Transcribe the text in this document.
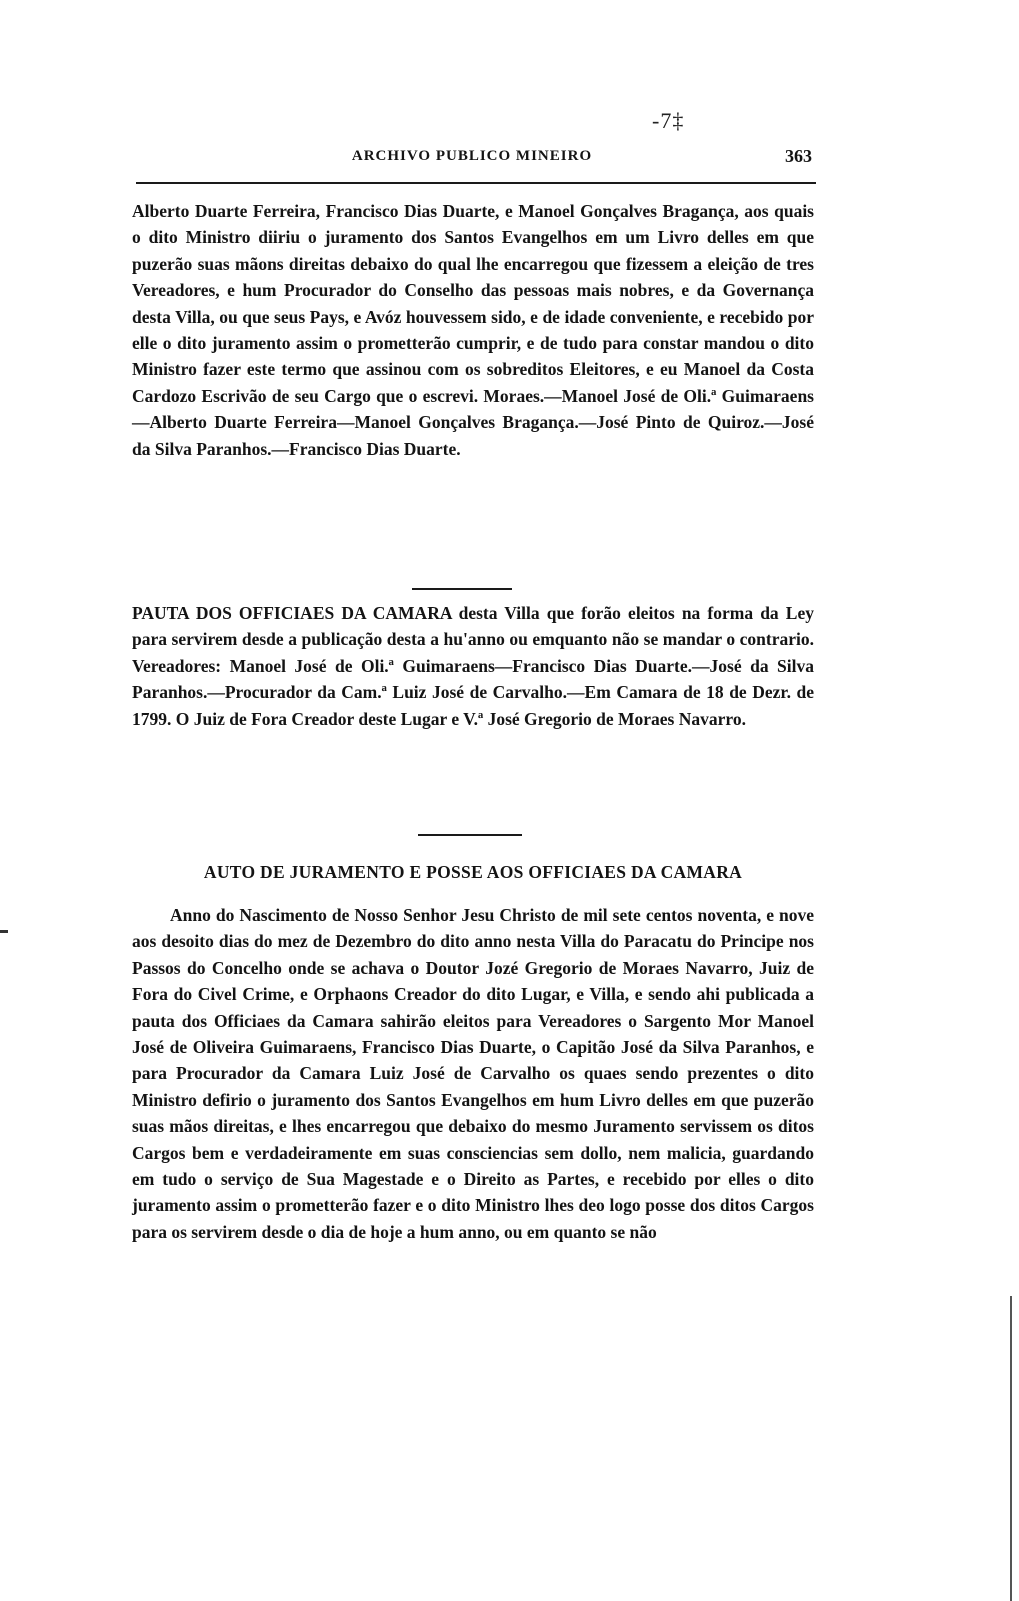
-7‡
ARCHIVO PUBLICO MINEIRO	363

Alberto Duarte Ferreira, Francisco Dias Duarte, e Manoel Gonçalves Bragança, aos quais o dito Ministro diiriu o juramento dos Santos Evangelhos em um Livro delles em que puzerão suas mãons direitas debaixo do qual lhe encarregou que fizessem a eleição de tres Vereadores, e hum Procurador do Conselho das pessoas mais nobres, e da Governança desta Villa, ou que seus Pays, e Avóz houvessem sido, e de idade conveniente, e recebido por elle o dito juramento assim o prometterão cumprir, e de tudo para constar mandou o dito Ministro fazer este termo que assinou com os sobreditos Eleitores, e eu Manoel da Costa Cardozo Escrivão de seu Cargo que o escrevi. Moraes.—Manoel José de Oli.ª Guimaraens—Alberto Duarte Ferreira—Manoel Gonçalves Bragança.—José Pinto de Quiroz.—José da Silva Paranhos.—Francisco Dias Duarte.

PAUTA DOS OFFICIAES DA CAMARA desta Villa que forão eleitos na forma da Ley para servirem desde a publicação desta a hu'anno ou emquanto não se mandar o contrario. Vereadores: Manoel José de Oli.ª Guimaraens—Francisco Dias Duarte.—José da Silva Paranhos.—Procurador da Cam.ª Luiz José de Carvalho.—Em Camara de 18 de Dezr. de 1799. O Juiz de Fora Creador deste Lugar e V.ª José Gregorio de Moraes Navarro.

AUTO DE JURAMENTO E POSSE AOS OFFICIAES DA CAMARA

Anno do Nascimento de Nosso Senhor Jesu Christo de mil sete centos noventa, e nove aos desoito dias do mez de Dezembro do dito anno nesta Villa do Paracatu do Principe nos Passos do Concelho onde se achava o Doutor Jozé Gregorio de Moraes Navarro, Juiz de Fora do Civel Crime, e Orphaons Creador do dito Lugar, e Villa, e sendo ahi publicada a pauta dos Officiaes da Camara sahirão eleitos para Vereadores o Sargento Mor Manoel José de Oliveira Guimaraens, Francisco Dias Duarte, o Capitão José da Silva Paranhos, e para Procurador da Camara Luiz José de Carvalho os quaes sendo prezentes o dito Ministro defirio o juramento dos Santos Evangelhos em hum Livro delles em que puzerão suas mãos direitas, e lhes encarregou que debaixo do mesmo Juramento servissem os ditos Cargos bem e verdadeiramente em suas consciencias sem dollo, nem malicia, guardando em tudo o serviço de Sua Magestade e o Direito as Partes, e recebido por elles o dito juramento assim o prometterão fazer e o dito Ministro lhes deo logo posse dos ditos Cargos para os servirem desde o dia de hoje a hum anno, ou em quanto se não
